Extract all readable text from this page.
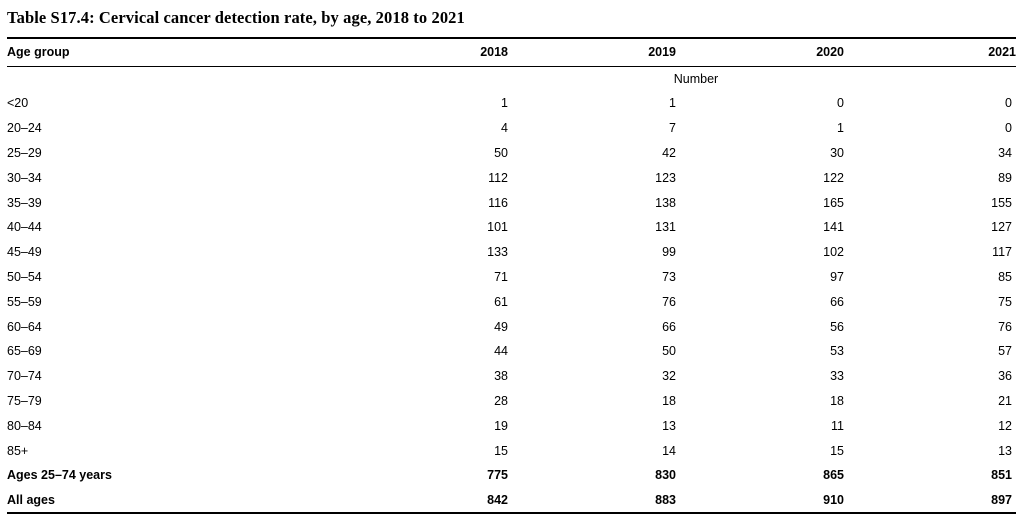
Table S17.4: Cervical cancer detection rate, by age, 2018 to 2021
Age group	2018	2019	2020	2021
	Number			
<20	1	1	0	0
20–24	4	7	1	0
25–29	50	42	30	34
30–34	112	123	122	89
35–39	116	138	165	155
40–44	101	131	141	127
45–49	133	99	102	117
50–54	71	73	97	85
55–59	61	76	66	75
60–64	49	66	56	76
65–69	44	50	53	57
70–74	38	32	33	36
75–79	28	18	18	21
80–84	19	13	11	12
85+	15	14	15	13
Ages 25–74 years	775	830	865	851
All ages	842	883	910	897
